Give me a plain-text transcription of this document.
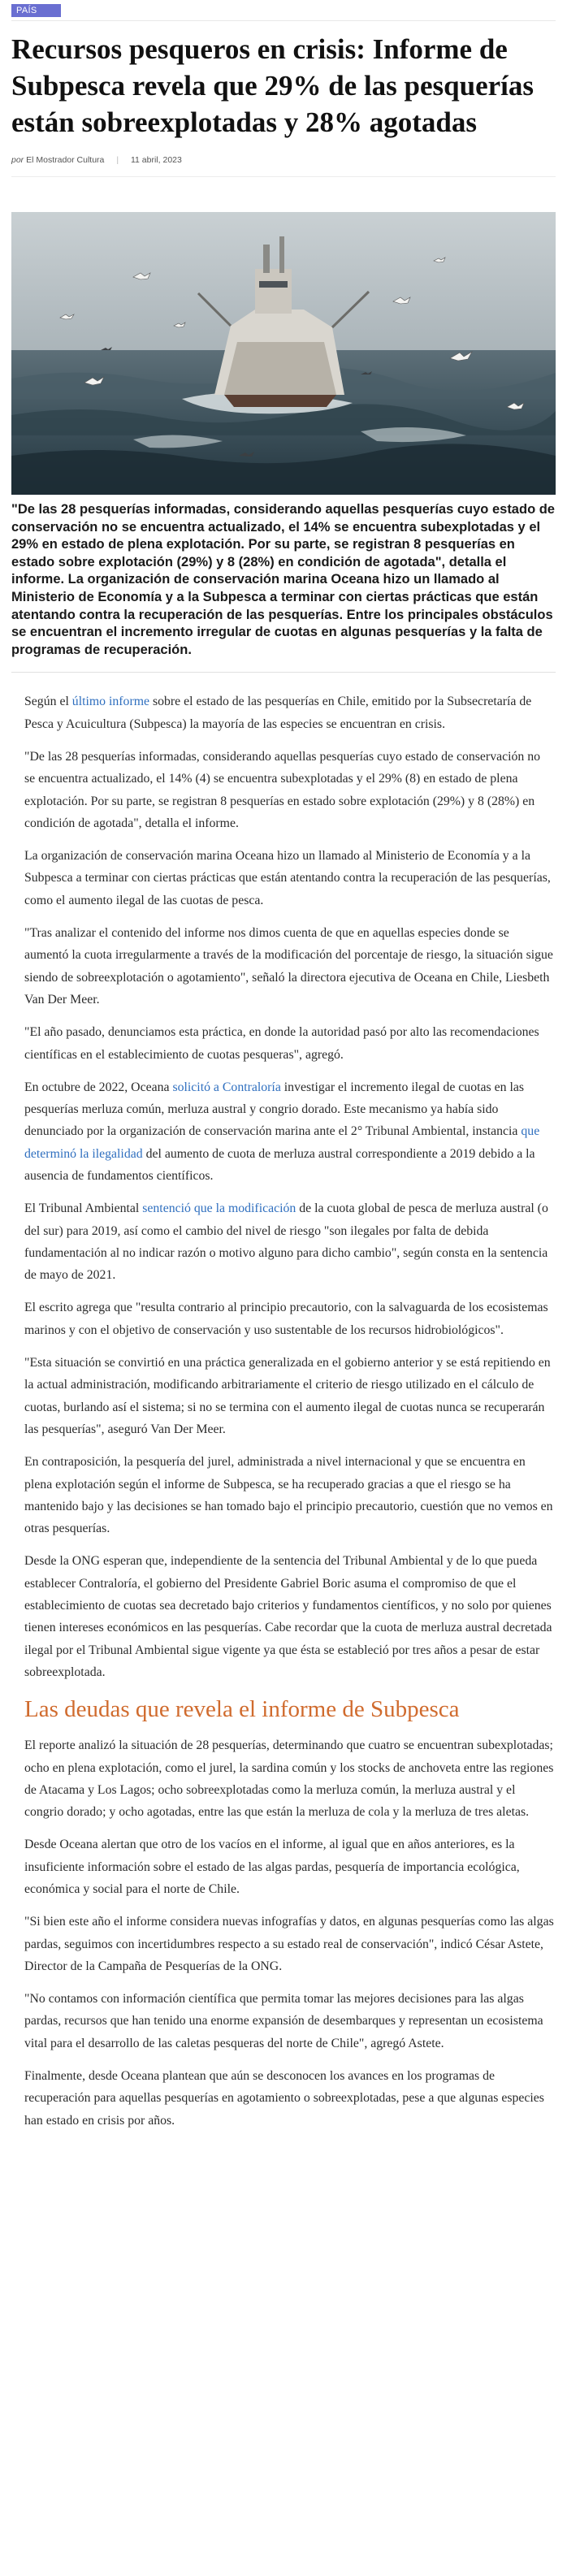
PAÍS
Recursos pesqueros en crisis: Informe de Subpesca revela que 29% de las pesquerías están sobreexplotadas y 28% agotadas
por El Mostrador Cultura | 11 abril, 2023

"De las 28 pesquerías informadas, considerando aquellas pesquerías cuyo estado de conservación no se encuentra actualizado, el 14% se encuentra subexplotadas y el 29% en estado de plena explotación. Por su parte, se registran 8 pesquerías en estado sobre explotación (29%) y 8 (28%) en condición de agotada", detalla el informe. La organización de conservación marina Oceana hizo un llamado al Ministerio de Economía y a la Subpesca a terminar con ciertas prácticas que están atentando contra la recuperación de las pesquerías. Entre los principales obstáculos se encuentran el incremento irregular de cuotas en algunas pesquerías y la falta de programas de recuperación.

Según el último informe sobre el estado de las pesquerías en Chile, emitido por la Subsecretaría de Pesca y Acuicultura (Subpesca) la mayoría de las especies se encuentran en crisis.

"De las 28 pesquerías informadas, considerando aquellas pesquerías cuyo estado de conservación no se encuentra actualizado, el 14% (4) se encuentra subexplotadas y el 29% (8) en estado de plena explotación. Por su parte, se registran 8 pesquerías en estado sobre explotación (29%) y 8 (28%) en condición de agotada", detalla el informe.

La organización de conservación marina Oceana hizo un llamado al Ministerio de Economía y a la Subpesca a terminar con ciertas prácticas que están atentando contra la recuperación de las pesquerías, como el aumento ilegal de las cuotas de pesca.

"Tras analizar el contenido del informe nos dimos cuenta de que en aquellas especies donde se aumentó la cuota irregularmente a través de la modificación del porcentaje de riesgo, la situación sigue siendo de sobreexplotación o agotamiento", señaló la directora ejecutiva de Oceana en Chile, Liesbeth Van Der Meer.

"El año pasado, denunciamos esta práctica, en donde la autoridad pasó por alto las recomendaciones científicas en el establecimiento de cuotas pesqueras", agregó.

En octubre de 2022, Oceana solicitó a Contraloría investigar el incremento ilegal de cuotas en las pesquerías merluza común, merluza austral y congrio dorado. Este mecanismo ya había sido denunciado por la organización de conservación marina ante el 2° Tribunal Ambiental, instancia que determinó la ilegalidad del aumento de cuota de merluza austral correspondiente a 2019 debido a la ausencia de fundamentos científicos.

El Tribunal Ambiental sentenció que la modificación de la cuota global de pesca de merluza austral (o del sur) para 2019, así como el cambio del nivel de riesgo "son ilegales por falta de debida fundamentación al no indicar razón o motivo alguno para dicho cambio", según consta en la sentencia de mayo de 2021.

El escrito agrega que "resulta contrario al principio precautorio, con la salvaguarda de los ecosistemas marinos y con el objetivo de conservación y uso sustentable de los recursos hidrobiológicos".

"Esta situación se convirtió en una práctica generalizada en el gobierno anterior y se está repitiendo en la actual administración, modificando arbitrariamente el criterio de riesgo utilizado en el cálculo de cuotas, burlando así el sistema; si no se termina con el aumento ilegal de cuotas nunca se recuperarán las pesquerías", aseguró Van Der Meer.

En contraposición, la pesquería del jurel, administrada a nivel internacional y que se encuentra en plena explotación según el informe de Subpesca, se ha recuperado gracias a que el riesgo se ha mantenido bajo y las decisiones se han tomado bajo el principio precautorio, cuestión que no vemos en otras pesquerías.

Desde la ONG esperan que, independiente de la sentencia del Tribunal Ambiental y de lo que pueda establecer Contraloría, el gobierno del Presidente Gabriel Boric asuma el compromiso de que el establecimiento de cuotas sea decretado bajo criterios y fundamentos científicos, y no solo por quienes tienen intereses económicos en las pesquerías. Cabe recordar que la cuota de merluza austral decretada ilegal por el Tribunal Ambiental sigue vigente ya que ésta se estableció por tres años a pesar de estar sobreexplotada.

Las deudas que revela el informe de Subpesca

El reporte analizó la situación de 28 pesquerías, determinando que cuatro se encuentran subexplotadas; ocho en plena explotación, como el jurel, la sardina común y los stocks de anchoveta entre las regiones de Atacama y Los Lagos; ocho sobreexplotadas como la merluza común, la merluza austral y el congrio dorado; y ocho agotadas, entre las que están la merluza de cola y la merluza de tres aletas.

Desde Oceana alertan que otro de los vacíos en el informe, al igual que en años anteriores, es la insuficiente información sobre el estado de las algas pardas, pesquería de importancia ecológica, económica y social para el norte de Chile.

"Si bien este año el informe considera nuevas infografías y datos, en algunas pesquerías como las algas pardas, seguimos con incertidumbres respecto a su estado real de conservación", indicó César Astete, Director de la Campaña de Pesquerías de la ONG.

"No contamos con información científica que permita tomar las mejores decisiones para las algas pardas, recursos que han tenido una enorme expansión de desembarques y representan un ecosistema vital para el desarrollo de las caletas pesqueras del norte de Chile", agregó Astete.

Finalmente, desde Oceana plantean que aún se desconocen los avances en los programas de recuperación para aquellas pesquerías en agotamiento o sobreexplotadas, pese a que algunas especies han estado en crisis por años.
